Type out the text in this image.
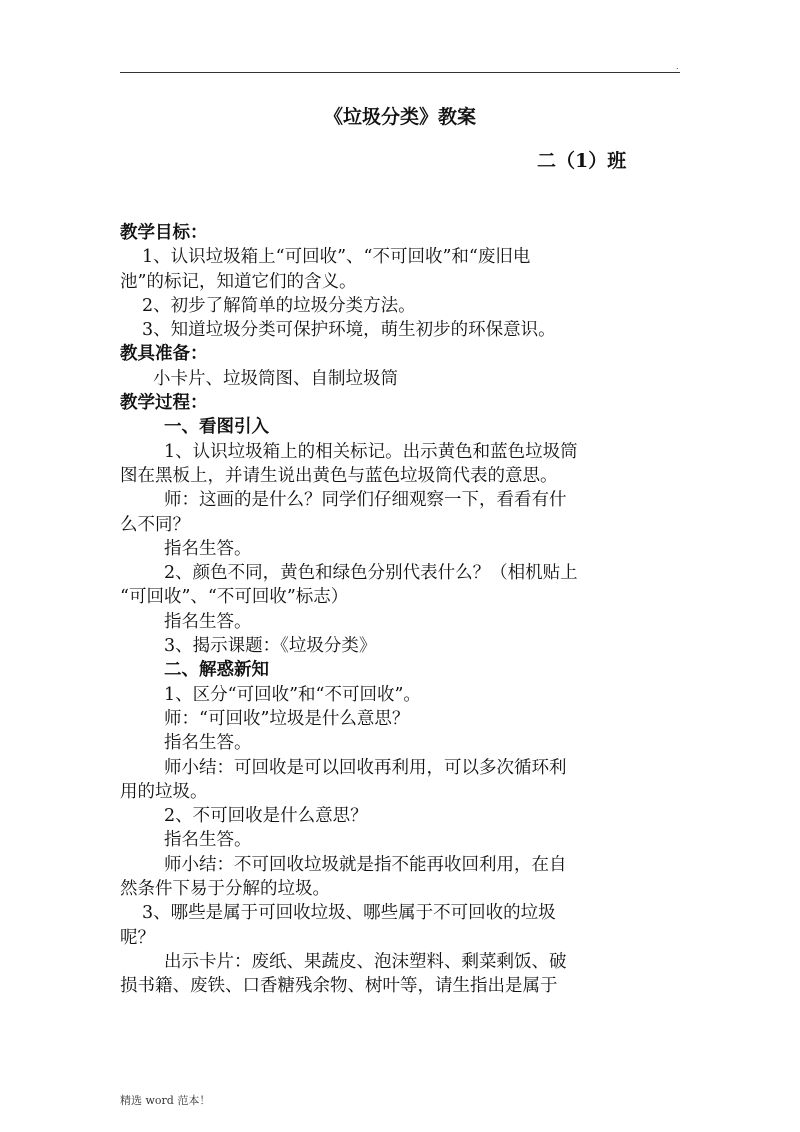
.
《垃圾分类》教案
二（1）班
教学目标：
1、认识垃圾箱上“可回收”、“不可回收”和“废旧电
池”的标记，知道它们的含义。
2、初步了解简单的垃圾分类方法。
3、知道垃圾分类可保护环境，萌生初步的环保意识。
教具准备：
小卡片、垃圾筒图、自制垃圾筒
教学过程：
一、看图引入
1、认识垃圾箱上的相关标记。出示黄色和蓝色垃圾筒
图在黑板上，并请生说出黄色与蓝色垃圾筒代表的意思。
师：这画的是什么？同学们仔细观察一下，看看有什
么不同？
指名生答。
2、颜色不同，黄色和绿色分别代表什么？（相机贴上
“可回收”、“不可回收”标志）
指名生答。
3、揭示课题：《垃圾分类》
二、解惑新知
1、区分“可回收”和“不可回收”。
师：“可回收”垃圾是什么意思？
指名生答。
师小结：可回收是可以回收再利用，可以多次循环利
用的垃圾。
2、不可回收是什么意思？
指名生答。
师小结：不可回收垃圾就是指不能再收回利用，在自
然条件下易于分解的垃圾。
3、哪些是属于可回收垃圾、哪些属于不可回收的垃圾
呢？
出示卡片：废纸、果蔬皮、泡沫塑料、剩菜剩饭、破
损书籍、废铁、口香糖残余物、树叶等，请生指出是属于
精选 word 范本！
